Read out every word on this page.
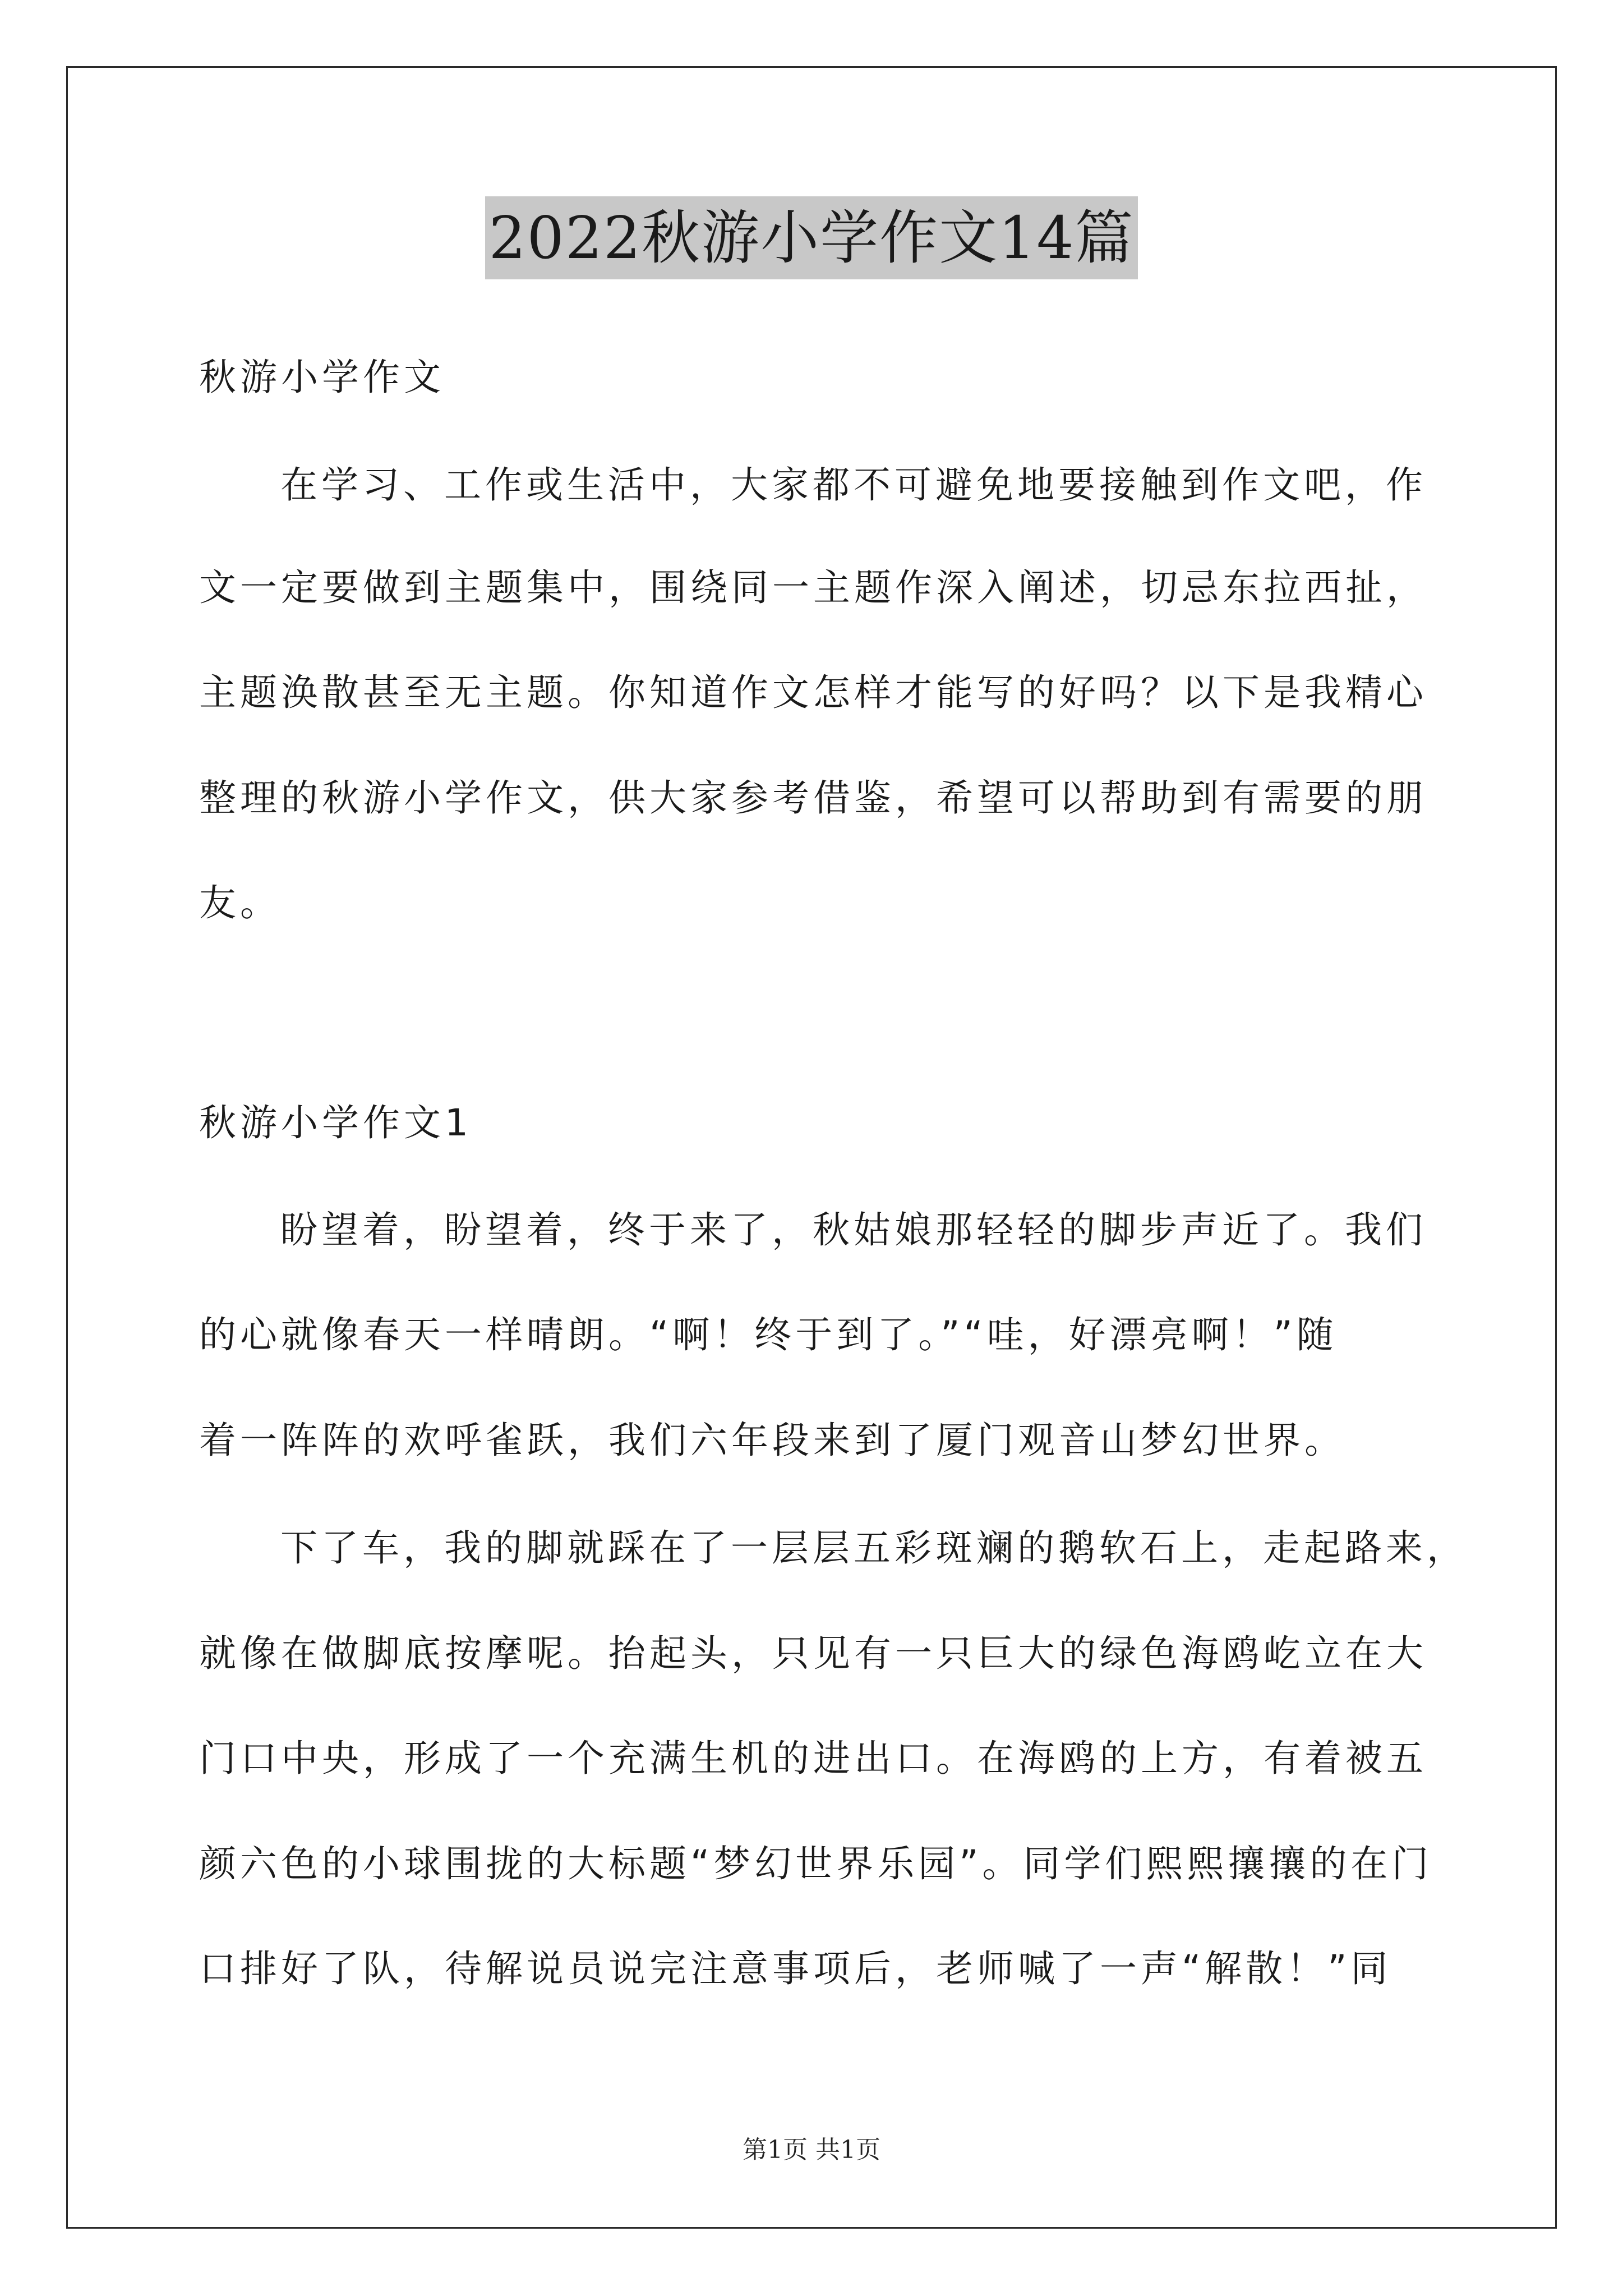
2022秋游小学作文14篇
秋游小学作文
在学习、工作或生活中，大家都不可避免地要接触到作文吧，作
文一定要做到主题集中，围绕同一主题作深入阐述，切忌东拉西扯，
主题涣散甚至无主题。你知道作文怎样才能写的好吗？以下是我精心
整理的秋游小学作文，供大家参考借鉴，希望可以帮助到有需要的朋
友。
秋游小学作文1
盼望着，盼望着，终于来了，秋姑娘那轻轻的脚步声近了。我们
的心就像春天一样晴朗。“啊！终于到了。”“哇，好漂亮啊！”随
着一阵阵的欢呼雀跃，我们六年段来到了厦门观音山梦幻世界。
下了车，我的脚就踩在了一层层五彩斑斓的鹅软石上，走起路来，
就像在做脚底按摩呢。抬起头，只见有一只巨大的绿色海鸥屹立在大
门口中央，形成了一个充满生机的进出口。在海鸥的上方，有着被五
颜六色的小球围拢的大标题“梦幻世界乐园”。同学们熙熙攘攘的在门
口排好了队，待解说员说完注意事项后，老师喊了一声“解散！”同
第1页 共1页
